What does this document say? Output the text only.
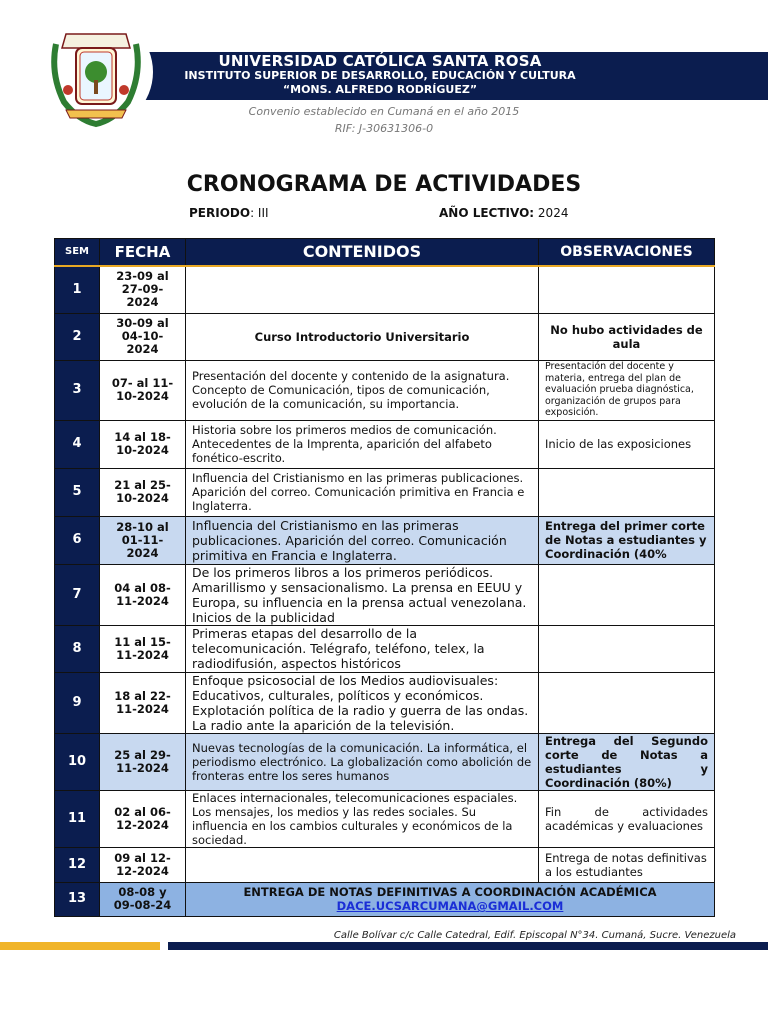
UNIVERSIDAD CATÓLICA SANTA ROSA
INSTITUTO SUPERIOR DE DESARROLLO, EDUCACIÓN Y CULTURA
“MONS. ALFREDO RODRÍGUEZ”
Convenio establecido en Cumaná en el año 2015
RIF: J-30631306-0
CRONOGRAMA DE ACTIVIDADES
PERIODO: III	AÑO LECTIVO: 2024
SEM	FECHA	CONTENIDOS	OBSERVACIONES
1	23-09 al 27-09-2024		
2	30-09 al 04-10-2024	Curso Introductorio Universitario	No hubo actividades de aula
3	07- al 11-10-2024	Presentación del docente y contenido de la asignatura. Concepto de Comunicación, tipos de comunicación, evolución de la comunicación, su importancia.	Presentación del docente y materia, entrega del plan de evaluación prueba diagnóstica, organización de grupos para exposición.
4	14 al 18-10-2024	Historia sobre los primeros medios de comunicación. Antecedentes de la Imprenta, aparición del alfabeto fonético-escrito.	Inicio de las exposiciones
5	21 al 25-10-2024	Influencia del Cristianismo en las primeras publicaciones. Aparición del correo. Comunicación primitiva en Francia e Inglaterra.	
6	28-10 al 01-11-2024	Influencia del Cristianismo en las primeras publicaciones. Aparición del correo. Comunicación primitiva en Francia e Inglaterra.	Entrega del primer corte de Notas a estudiantes y Coordinación (40%
7	04 al 08-11-2024	De los primeros libros a los primeros periódicos. Amarillismo y sensacionalismo. La prensa en EEUU y Europa, su influencia en la prensa actual venezolana. Inicios de la publicidad	
8	11 al 15-11-2024	Primeras etapas del desarrollo de la telecomunicación. Telégrafo, teléfono, telex, la radiodifusión, aspectos históricos	
9	18 al 22-11-2024	Enfoque psicosocial de los Medios audiovisuales: Educativos, culturales, políticos y económicos. Explotación política de la radio y guerra de las ondas. La radio ante la aparición de la televisión.	
10	25 al 29-11-2024	Nuevas tecnologías de la comunicación. La informática, el periodismo electrónico. La globalización como abolición de fronteras entre los seres humanos	Entrega del Segundo corte de Notas a estudiantes y Coordinación (80%)
11	02 al 06-12-2024	Enlaces internacionales, telecomunicaciones espaciales. Los mensajes, los medios y las redes sociales. Su influencia en los cambios culturales y económicos de la sociedad.	Fin de actividades académicas y evaluaciones
12	09 al 12-12-2024		Entrega de notas definitivas a los estudiantes
13	08-08 y 09-08-24	ENTREGA DE NOTAS DEFINITIVAS A COORDINACIÓN ACADÉMICA
DACE.UCSARCUMANA@GMAIL.COM	
Calle Bolívar c/c Calle Catedral, Edif. Episcopal N°34. Cumaná, Sucre. Venezuela
